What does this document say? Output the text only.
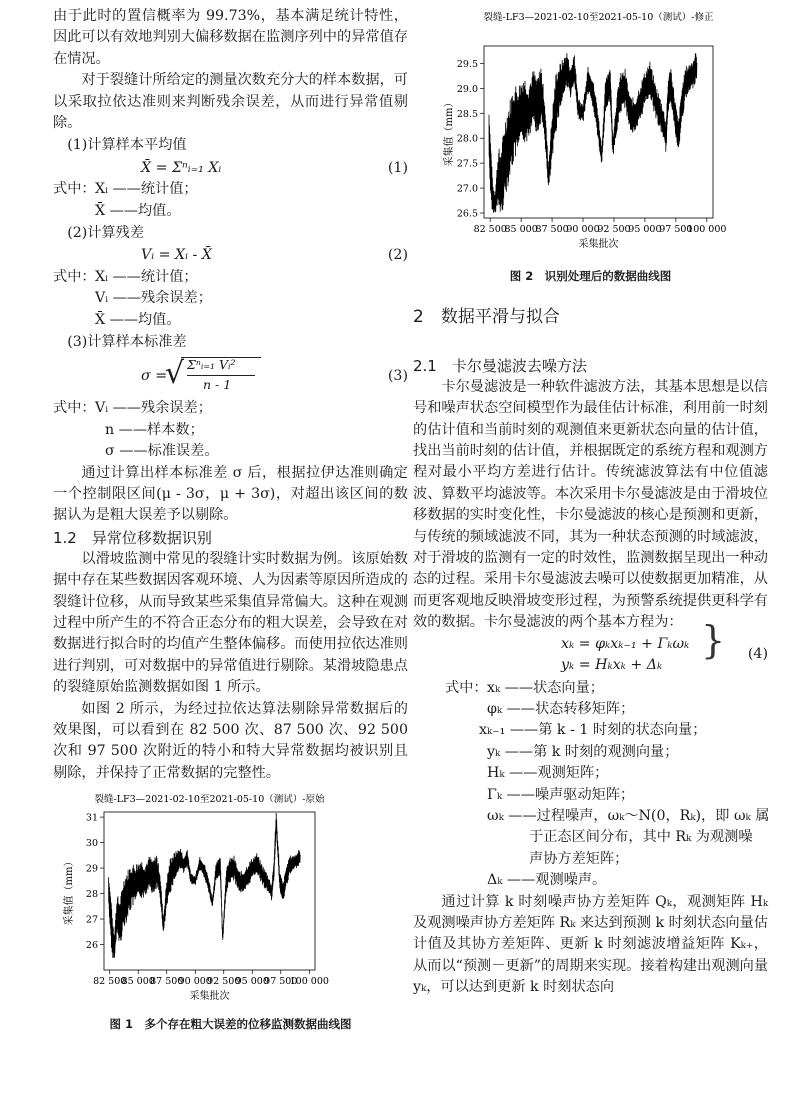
由于此时的置信概率为 99.73%，基本满足统计特性，因此可以有效地判别大偏移数据在监测序列中的异常值存在情况。

对于裂缝计所给定的测量次数充分大的样本数据，可以采取拉依达准则来判断残余误差，从而进行异常值剔除。

(1)计算样本平均值

X̄ = Σⁿᵢ₌₁ Xᵢ	(1)
式中： Xᵢ ——统计值；
X̄ ——均值。

(2)计算残差

Vᵢ = Xᵢ - X̄	(2)
式中： Xᵢ ——统计值；
Vᵢ ——残余误差；
X̄ ——均值。

(3)计算样本标准差

σ =
√ Σⁿᵢ₌₁ Vᵢ²
n - 1
(3)
式中： Vᵢ ——残余误差；
n ——样本数；
σ ——标准误差。

通过计算出样本标准差 σ 后，根据拉伊达准则确定一个控制限区间(μ - 3σ，μ + 3σ)，对超出该区间的数据认为是粗大误差予以剔除。

1.2　异常位移数据识别

以滑坡监测中常见的裂缝计实时数据为例。该原始数据中存在某些数据因客观环境、人为因素等原因所造成的裂缝计位移，从而导致某些采集值异常偏大。这种在观测过程中所产生的不符合正态分布的粗大误差，会导致在对数据进行拟合时的均值产生整体偏移。而使用拉依达准则进行判别，可对数据中的异常值进行剔除。某滑坡隐患点的裂缝原始监测数据如图 1 所示。

如图 2 所示，为经过拉依达算法剔除异常数据后的效果图，可以看到在 82 500 次、87 500 次、92 500 次和 97 500 次附近的特小和特大异常数据均被识别且剔除，并保持了正常数据的完整性。

裂缝-LF3—2021-02-10至2021-05-10（测试）-原始
26
27
28
29
30
31
82 500
85 000
87 500
90 000
92 500
95 000
97 500
100 000
采集批次
采集值（mm）
图 1　多个存在粗大误差的位移监测数据曲线图
裂缝-LF3—2021-02-10至2021-05-10（测试）-修正
26.5
27.0
27.5
28.0
28.5
29.0
29.5
82 500
85 000
87 500
90 000
92 500
95 000
97 500
100 000
采集批次
采集值（mm）
图 2　识别处理后的数据曲线图

2　数据平滑与拟合

2.1　卡尔曼滤波去噪方法

卡尔曼滤波是一种软件滤波方法，其基本思想是以信号和噪声状态空间模型作为最佳估计标准，利用前一时刻的估计值和当前时刻的观测值来更新状态向量的估计值，找出当前时刻的估计值，并根据既定的系统方程和观测方程对最小平均方差进行估计。传统滤波算法有中位值滤波、算数平均滤波等。本次采用卡尔曼滤波是由于滑坡位移数据的实时变化性，卡尔曼滤波的核心是预测和更新，与传统的频域滤波不同，其为一种状态预测的时域滤波，对于滑坡的监测有一定的时效性，监测数据呈现出一种动态的过程。采用卡尔曼滤波去噪可以使数据更加精准，从而更客观地反映滑坡变形过程，为预警系统提供更科学有效的数据。卡尔曼滤波的两个基本方程为：

xₖ = φₖxₖ₋₁ + Γₖωₖ
yₖ = Hₖxₖ + Δₖ
} (4)
式中： xₖ ——状态向量；
φₖ ——状态转移矩阵；
xₖ₋₁ ——第 k - 1 时刻的状态向量；
yₖ ——第 k 时刻的观测向量；
Hₖ ——观测矩阵；
Γₖ ——噪声驱动矩阵；
ωₖ ——过程噪声，ωₖ～N(0，Rₖ)，即 ωₖ 属
于正态区间分布，其中 Rₖ 为观测噪
声协方差矩阵；
Δₖ ——观测噪声。

通过计算 k 时刻噪声协方差矩阵 Qₖ，观测矩阵 Hₖ 及观测噪声协方差矩阵 Rₖ 来达到预测 k 时刻状态向量估计值及其协方差矩阵、更新 k 时刻滤波增益矩阵 Kₖ₊，从而以“预测－更新”的周期来实现。接着构建出观测向量 yₖ，可以达到更新 k 时刻状态向
